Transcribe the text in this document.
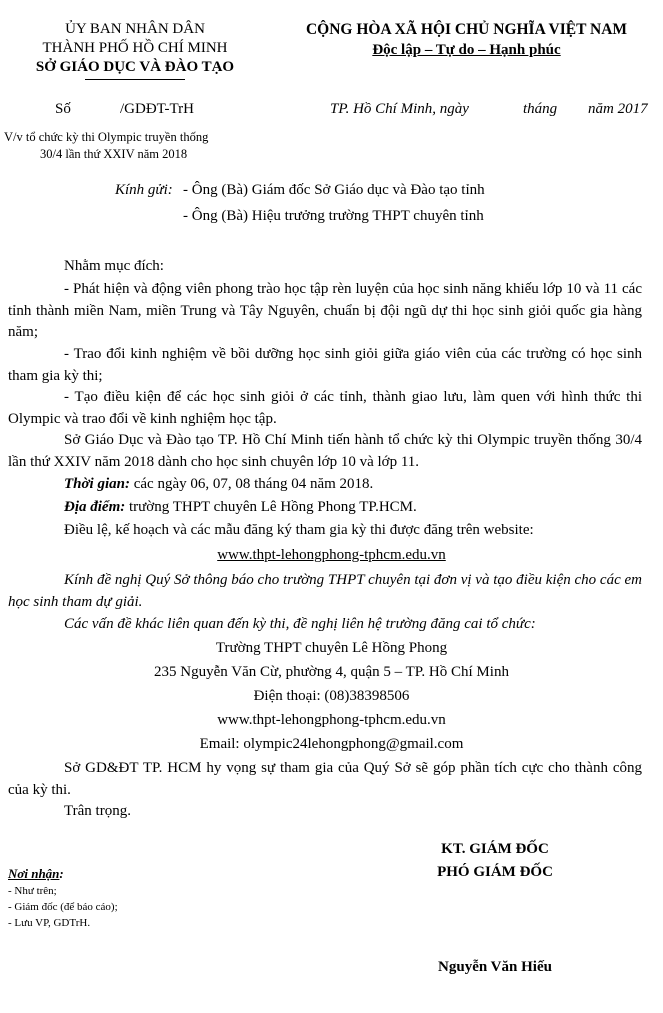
ỦY BAN NHÂN DÂN
THÀNH PHỐ HỒ CHÍ MINH
SỞ GIÁO DỤC VÀ ĐÀO TẠO
CỘNG HÒA XÃ HỘI CHỦ NGHĨA VIỆT NAM
Độc lập – Tự do – Hạnh phúc
Số	/GDĐT-TrH	TP. Hồ Chí Minh, ngày	tháng năm 2017
V/v tổ chức kỳ thi Olympic truyền thống
30/4 lần thứ XXIV năm 2018
Kính gửi: - Ông (Bà) Giám đốc Sở Giáo dục và Đào tạo tỉnh
- Ông (Bà) Hiệu trưởng trường THPT chuyên tỉnh
Nhằm mục đích:
- Phát hiện và động viên phong trào học tập rèn luyện của học sinh năng khiếu lớp 10 và 11 các tỉnh thành miền Nam, miền Trung và Tây Nguyên, chuẩn bị đội ngũ dự thi học sinh giỏi quốc gia hàng năm;
- Trao đổi kinh nghiệm về bồi dưỡng học sinh giỏi giữa giáo viên của các trường có học sinh tham gia kỳ thi;
- Tạo điều kiện để các học sinh giỏi ở các tỉnh, thành giao lưu, làm quen với hình thức thi Olympic và trao đổi về kinh nghiệm học tập.
Sở Giáo Dục và Đào tạo TP. Hồ Chí Minh tiến hành tổ chức kỳ thi Olympic truyền thống 30/4 lần thứ XXIV năm 2018 dành cho học sinh chuyên lớp 10 và lớp 11.
Thời gian: các ngày 06, 07, 08 tháng 04 năm 2018.
Địa điểm: trường THPT chuyên Lê Hồng Phong TP.HCM.
Điều lệ, kế hoạch và các mẫu đăng ký tham gia kỳ thi được đăng trên website:
www.thpt-lehongphong-tphcm.edu.vn
Kính đề nghị Quý Sở thông báo cho trường THPT chuyên tại đơn vị và tạo điều kiện cho các em học sinh tham dự giải.
Các vấn đề khác liên quan đến kỳ thi, đề nghị liên hệ trường đăng cai tổ chức:
Trường THPT chuyên Lê Hồng Phong
235 Nguyễn Văn Cừ, phường 4, quận 5 – TP. Hồ Chí Minh
Điện thoại: (08)38398506
www.thpt-lehongphong-tphcm.edu.vn
Email: olympic24lehongphong@gmail.com
Sở GD&ĐT TP. HCM hy vọng sự tham gia của Quý Sở sẽ góp phần tích cực cho thành công của kỳ thi.
Trân trọng.
KT. GIÁM ĐỐC
PHÓ GIÁM ĐỐC
Nguyễn Văn Hiếu
Nơi nhận:
- Như trên;
- Giám đốc (để báo cáo);
- Lưu VP, GDTrH.
